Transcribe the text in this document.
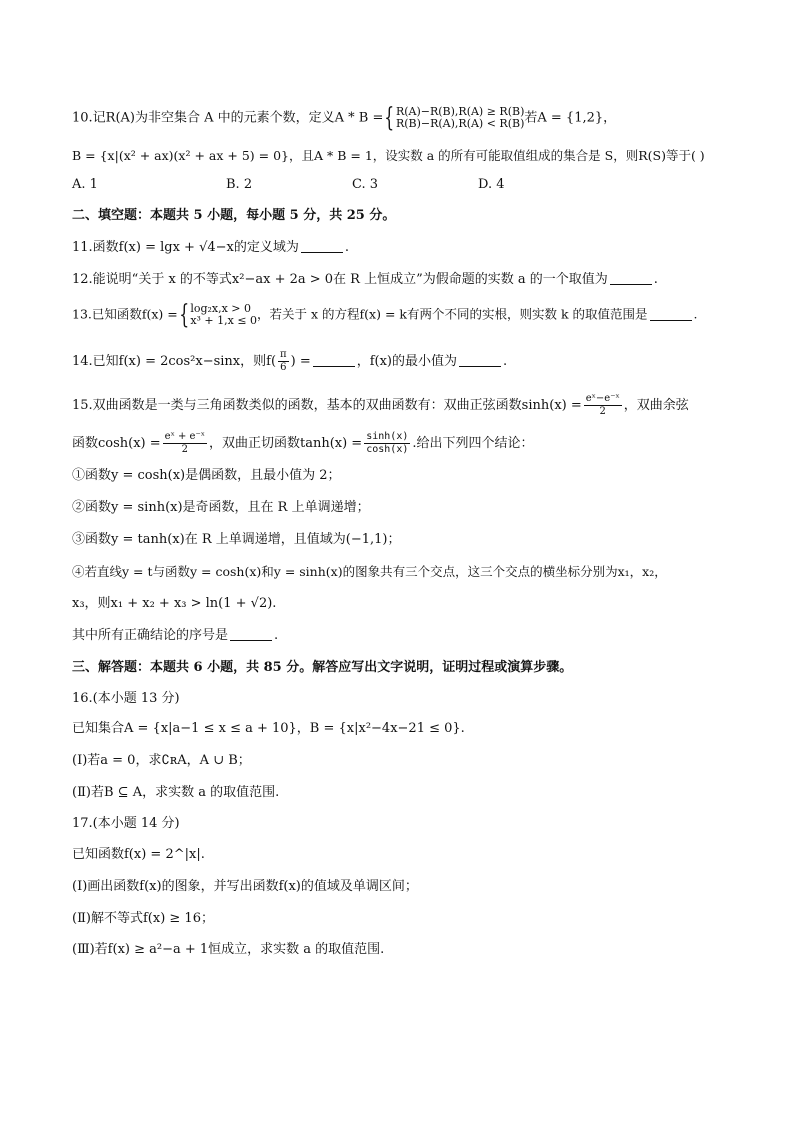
10.记R(A)为非空集合 A 中的元素个数，定义A * B = { R(A)−R(B),R(A) ≥ R(B)
R(B)−R(A),R(A) < R(B) 若A = {1,2}，
B = {x|(x² + ax)(x² + ax + 5) = 0}，且A * B = 1，设实数 a 的所有可能取值组成的集合是 S，则R(S)等于( )
A. 1	B. 2	C. 3	D. 4
二、填空题：本题共 5 小题，每小题 5 分，共 25 分。
11.函数f(x) = lgx + √4−x的定义域为	.
12.能说明“关于 x 的不等式x²−ax + 2a > 0在 R 上恒成立”为假命题的实数 a 的一个取值为	.
13.已知函数f(x) = { log₂x,x > 0
x³ + 1,x ≤ 0 ，若关于 x 的方程f(x) = k有两个不同的实根，则实数 k 的取值范围是	.
14.已知f(x) = 2cos²x−sinx，则$f( \frac{\pi}{6}$ ) =	，f(x)的最小值为	.
15.双曲函数是一类与三角函数类似的函数，基本的双曲函数有：双曲正弦函数$\sinh(x) = \frac{\text{eˣ−e⁻ˣ}}{2}$ ，双曲余弦
函数$\cosh(x) = \frac{\text{eˣ + e⁻ˣ}}{2}$ ，双曲正切函数$\tanh(x) = \frac{\sinh(x)}{\cosh(x)}$ .给出下列四个结论：
①函数y = cosh(x)是偶函数，且最小值为 2；
②函数y = sinh(x)是奇函数，且在 R 上单调递增；
③函数y = tanh(x)在 R 上单调递增，且值域为(−1,1)；
④若直线y = t与函数y = cosh(x)和y = sinh(x)的图象共有三个交点，这三个交点的横坐标分别为x₁，x₂，
x₃，则x₁ + x₂ + x₃ > ln(1 + √2).
其中所有正确结论的序号是	.
三、解答题：本题共 6 小题，共 85 分。解答应写出文字说明，证明过程或演算步骤。
16.(本小题 13 分)
已知集合A = {x|a−1 ≤ x ≤ a + 10}，B = {x|x²−4x−21 ≤ 0}.
(Ⅰ)若a = 0，求∁ʀA，A ∪ B；
(Ⅱ)若B ⊆ A，求实数 a 的取值范围.
17.(本小题 14 分)
已知函数f(x) = 2^|x|.
(Ⅰ)画出函数f(x)的图象，并写出函数f(x)的值域及单调区间；
(Ⅱ)解不等式f(x) ≥ 16；
(Ⅲ)若f(x) ≥ a²−a + 1恒成立，求实数 a 的取值范围.
